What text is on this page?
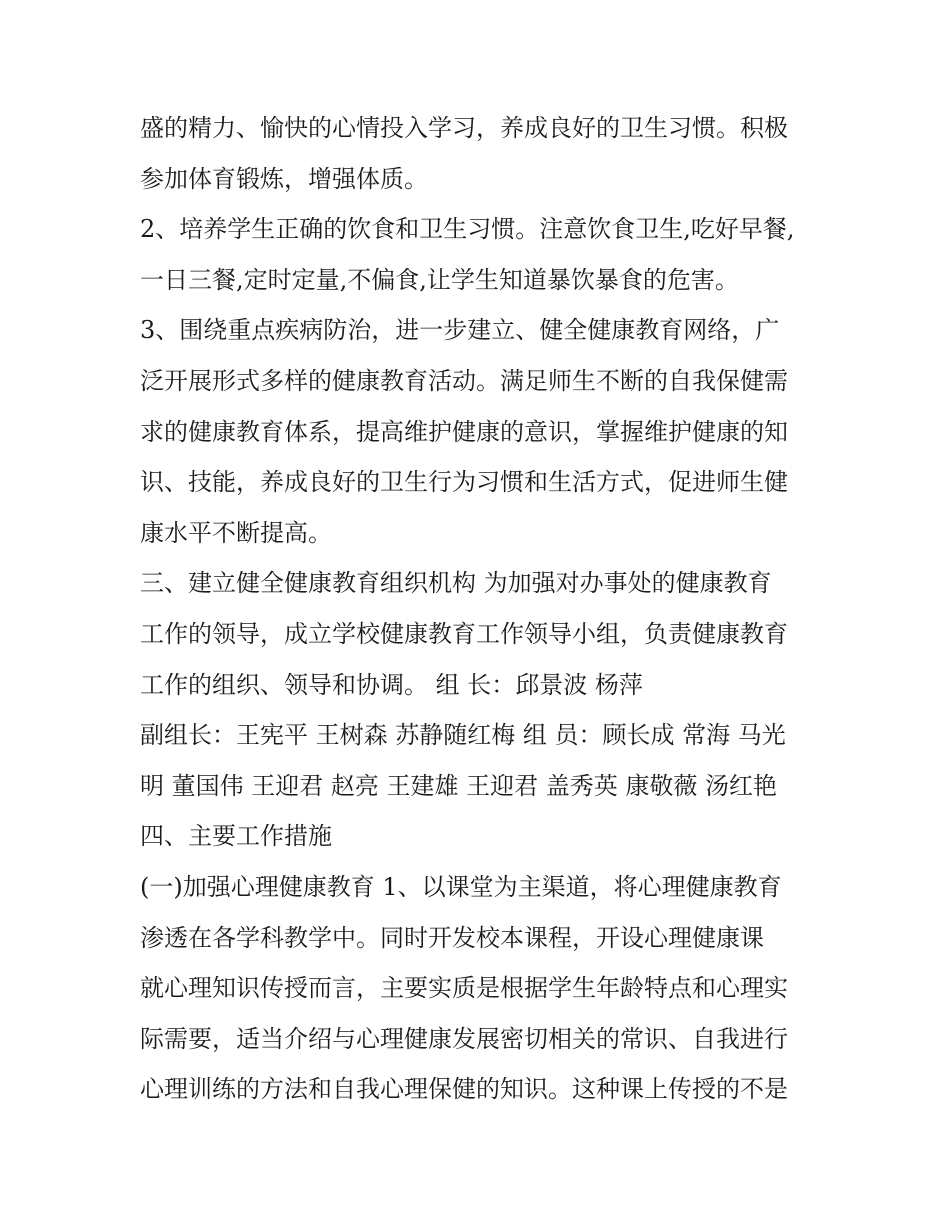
盛的精力、愉快的心情投入学习，养成良好的卫生习惯。积极
参加体育锻炼，增强体质。
2、培养学生正确的饮食和卫生习惯。注意饮食卫生,吃好早餐,
一日三餐,定时定量,不偏食,让学生知道暴饮暴食的危害。
3、围绕重点疾病防治，进一步建立、健全健康教育网络，广
泛开展形式多样的健康教育活动。满足师生不断的自我保健需
求的健康教育体系，提高维护健康的意识，掌握维护健康的知
识、技能，养成良好的卫生行为习惯和生活方式，促进师生健
康水平不断提高。
三、建立健全健康教育组织机构 为加强对办事处的健康教育
工作的领导，成立学校健康教育工作领导小组，负责健康教育
工作的组织、领导和协调。 组 长：邱景波 杨萍
副组长：王宪平 王树森 苏静随红梅 组 员：顾长成 常海 马光
明 董国伟 王迎君 赵亮 王建雄 王迎君 盖秀英 康敬薇 汤红艳
四、主要工作措施
(一)加强心理健康教育 1、以课堂为主渠道，将心理健康教育
渗透在各学科教学中。同时开发校本课程，开设心理健康课
就心理知识传授而言，主要实质是根据学生年龄特点和心理实
际需要，适当介绍与心理健康发展密切相关的常识、自我进行
心理训练的方法和自我心理保健的知识。这种课上传授的不是
